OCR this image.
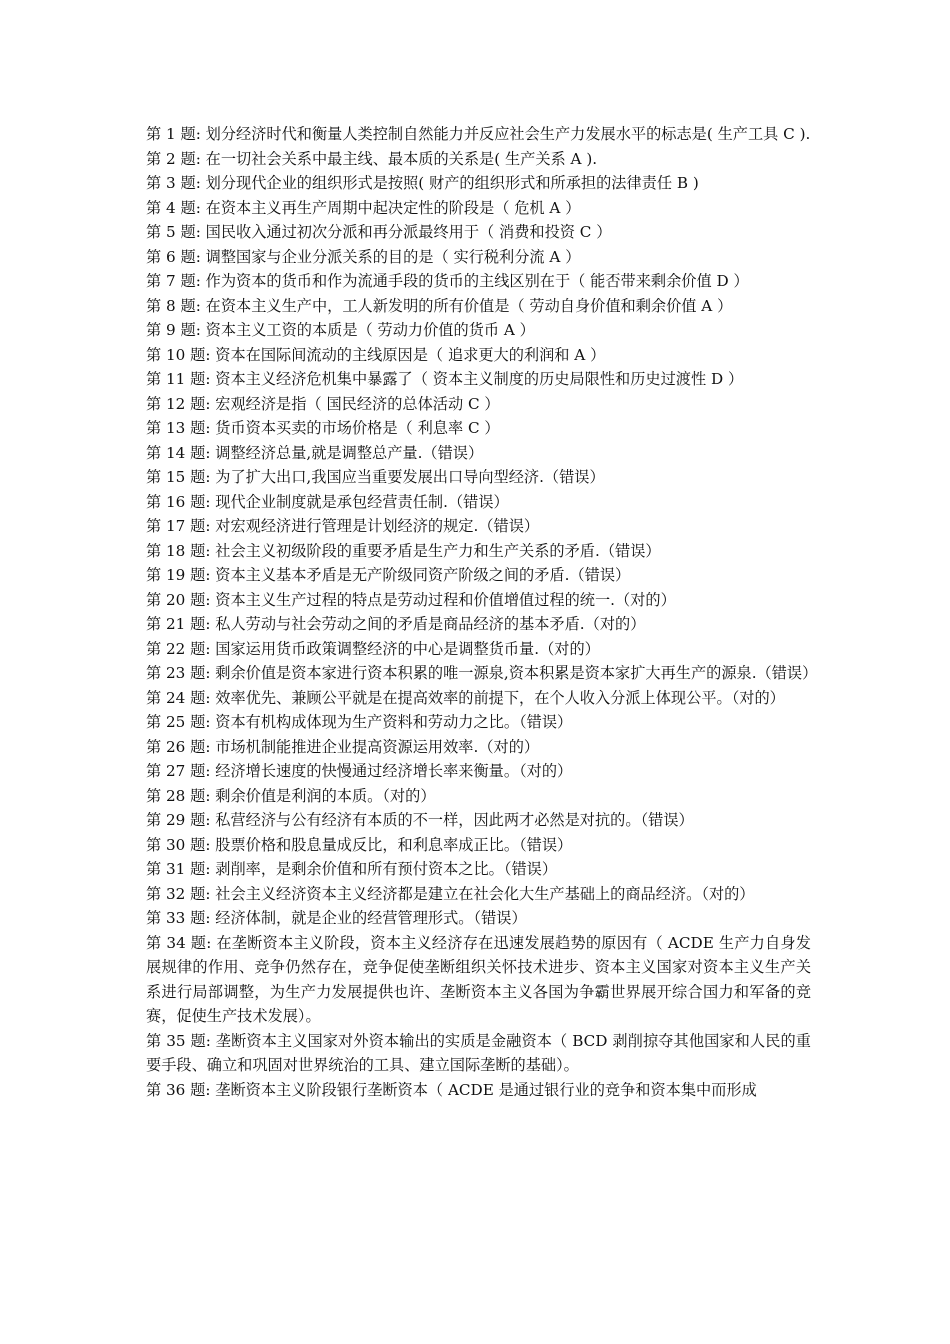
第 1 题: 划分经济时代和衡量人类控制自然能力并反应社会生产力发展水平的标志是( 生产工具 C ).

第 2 题: 在一切社会关系中最主线、最本质的关系是( 生产关系 A ).

第 3 题: 划分现代企业的组织形式是按照( 财产的组织形式和所承担的法律责任 B )

第 4 题: 在资本主义再生产周期中起决定性的阶段是（ 危机 A ）

第 5 题: 国民收入通过初次分派和再分派最终用于（ 消费和投资 C ）

第 6 题: 调整国家与企业分派关系的目的是（ 实行税利分流 A ）

第 7 题: 作为资本的货币和作为流通手段的货币的主线区别在于（ 能否带来剩余价值 D ）

第 8 题: 在资本主义生产中，工人新发明的所有价值是（ 劳动自身价值和剩余价值 A ）

第 9 题: 资本主义工资的本质是（ 劳动力价值的货币 A ）

第 10 题: 资本在国际间流动的主线原因是（ 追求更大的利润和 A ）

第 11 题: 资本主义经济危机集中暴露了（ 资本主义制度的历史局限性和历史过渡性 D ）

第 12 题: 宏观经济是指（ 国民经济的总体活动 C ）

第 13 题: 货币资本买卖的市场价格是（ 利息率 C ）

第 14 题: 调整经济总量,就是调整总产量.（错误）

第 15 题: 为了扩大出口,我国应当重要发展出口导向型经济.（错误）

第 16 题: 现代企业制度就是承包经营责任制.（错误）

第 17 题: 对宏观经济进行管理是计划经济的规定.（错误）

第 18 题: 社会主义初级阶段的重要矛盾是生产力和生产关系的矛盾.（错误）

第 19 题: 资本主义基本矛盾是无产阶级同资产阶级之间的矛盾.（错误）

第 20 题: 资本主义生产过程的特点是劳动过程和价值增值过程的统一.（对的）

第 21 题: 私人劳动与社会劳动之间的矛盾是商品经济的基本矛盾.（对的）

第 22 题: 国家运用货币政策调整经济的中心是调整货币量.（对的）

第 23 题: 剩余价值是资本家进行资本积累的唯一源泉,资本积累是资本家扩大再生产的源泉.（错误）

第 24 题: 效率优先、兼顾公平就是在提高效率的前提下，在个人收入分派上体现公平。（对的）

第 25 题: 资本有机构成体现为生产资料和劳动力之比。（错误）

第 26 题: 市场机制能推进企业提高资源运用效率.（对的）

第 27 题: 经济增长速度的快慢通过经济增长率来衡量。（对的）

第 28 题: 剩余价值是利润的本质。（对的）

第 29 题: 私营经济与公有经济有本质的不一样，因此两才必然是对抗的。（错误）

第 30 题: 股票价格和股息量成反比，和利息率成正比。（错误）

第 31 题: 剥削率，是剩余价值和所有预付资本之比。（错误）

第 32 题: 社会主义经济资本主义经济都是建立在社会化大生产基础上的商品经济。（对的）

第 33 题: 经济体制，就是企业的经营管理形式。（错误）

第 34 题: 在垄断资本主义阶段，资本主义经济存在迅速发展趋势的原因有（ ACDE 生产力自身发展规律的作用、竞争仍然存在，竞争促使垄断组织关怀技术进步、资本主义国家对资本主义生产关系进行局部调整，为生产力发展提供也许、垄断资本主义各国为争霸世界展开综合国力和军备的竞赛，促使生产技术发展）。

第 35 题: 垄断资本主义国家对外资本输出的实质是金融资本（ BCD 剥削掠夺其他国家和人民的重要手段、确立和巩固对世界统治的工具、建立国际垄断的基础）。

第 36 题: 垄断资本主义阶段银行垄断资本（ ACDE 是通过银行业的竞争和资本集中而形成
